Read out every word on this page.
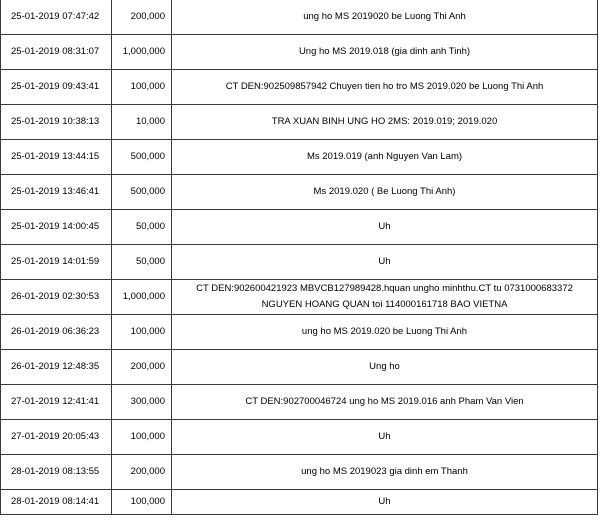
25-01-2019 07:47:42	200,000	ung ho MS 2019020 be Luong Thi Anh
25-01-2019 08:31:07	1,000,000	Ung ho MS 2019.018 (gia dinh anh Tinh)
25-01-2019 09:43:41	100,000	CT DEN:902509857942 Chuyen tien ho tro MS 2019.020 be Luong Thi Anh
25-01-2019 10:38:13	10,000	TRA XUAN BINH UNG HO 2MS: 2019.019; 2019.020
25-01-2019 13:44:15	500,000	Ms 2019.019 (anh Nguyen Van Lam)
25-01-2019 13:46:41	500,000	Ms 2019.020 ( Be Luong Thi Anh)
25-01-2019 14:00:45	50,000	Uh
25-01-2019 14:01:59	50,000	Uh
26-01-2019 02:30:53	1,000,000	CT DEN:902600421923 MBVCB127989428.hquan ungho minhthu.CT tu 0731000683372 NGUYEN HOANG QUAN toi 114000161718 BAO VIETNA
26-01-2019 06:36:23	100,000	ung ho MS 2019.020 be Luong Thi Anh
26-01-2019 12:48:35	200,000	Ung ho
27-01-2019 12:41:41	300,000	CT DEN:902700046724 ung ho MS 2019.016 anh Pham Van Vien
27-01-2019 20:05:43	100,000	Uh
28-01-2019 08:13:55	200,000	ung ho MS 2019023 gia dinh em Thanh
28-01-2019 08:14:41	100,000	Uh
